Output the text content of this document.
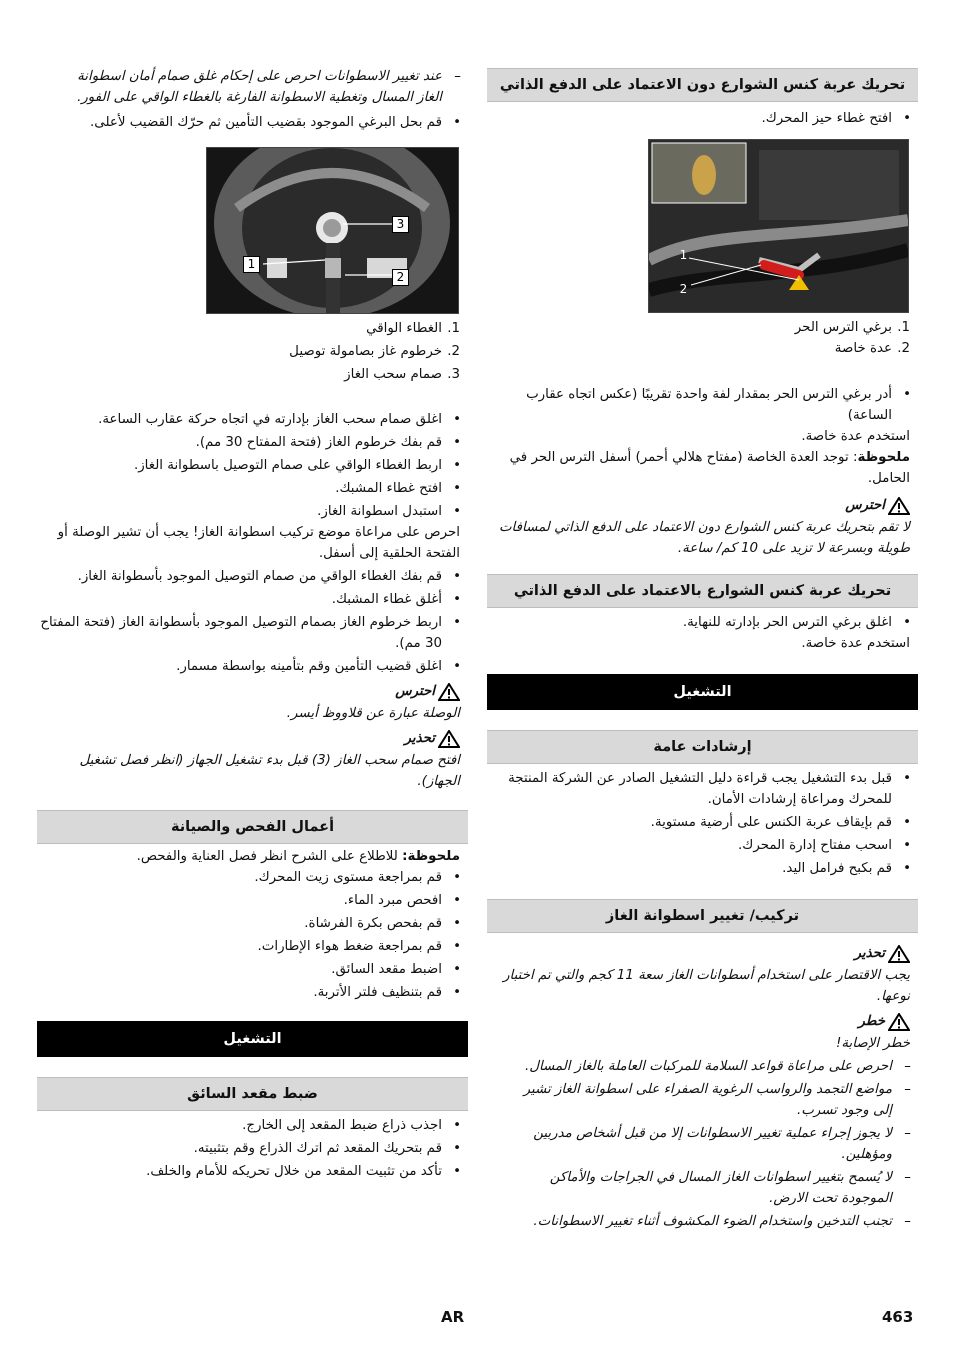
تحريك عربة كنس الشوارع دون الاعتماد على الدفع الذاتي
• افتح غطاء حيز المحرك.
1
2
1.
برغي الترس الحر
2.
عدة خاصة
• أدر برغي الترس الحر بمقدار لفة واحدة تقريبًا (عكس اتجاه عقارب الساعة)
استخدم عدة خاصة.
ملحوظة: توجد العدة الخاصة (مفتاح هلالي أحمر) أسفل الترس الحر في الحامل.
احترس
لا تقم بتحريك عربة كنس الشوارع دون الاعتماد على الدفع الذاتي لمسافات طويلة وبسرعة لا تزيد على 10 كم/ ساعة.
تحريك عربة كنس الشوارع بالاعتماد على الدفع الذاتي
• اغلق برغي الترس الحر بإدارته للنهاية.
استخدم عدة خاصة.
التشغيل
إرشادات عامة
• قبل بدء التشغيل يجب قراءة دليل التشغيل الصادر عن الشركة المنتجة للمحرك ومراعاة إرشادات الأمان.
• قم بإيقاف عربة الكنس على أرضية مستوية.
• اسحب مفتاح إدارة المحرك.
• قم بكبح فرامل اليد.
تركيب/ تغيير اسطوانة الغاز
تحذير
يجب الاقتصار على استخدام أسطوانات الغاز سعة 11 كجم والتي تم اختبار نوعها.
خطر
خطر الإصابة!
– احرص على مراعاة قواعد السلامة للمركبات العاملة بالغاز المسال.
– مواضع التجمد والرواسب الرغوية الصفراء على اسطوانة الغاز تشير إلى وجود تسرب.
– لا يجوز إجراء عملية تغيير الاسطوانات إلا من قبل أشخاص مدربين ومؤهلين.
– لا يُسمح بتغيير اسطوانات الغاز المسال في الجراجات والأماكن الموجودة تحت الارض.
– تجنب التدخين واستخدام الضوء المكشوف أثناء تغيير الاسطوانات.
– عند تغيير الاسطوانات احرص على إحكام غلق صمام أمان اسطوانة الغاز المسال وتغطية الاسطوانة الفارغة بالغطاء الواقي على الفور.
• قم بحل البرغي الموجود بقضيب التأمين ثم حرّك القضيب لأعلى.
1
2
3
1.
الغطاء الواقي
2.
خرطوم غاز بصامولة توصيل
3.
صمام سحب الغاز
• اغلق صمام سحب الغاز بإدارته في اتجاه حركة عقارب الساعة.
• قم بفك خرطوم الغاز (فتحة المفتاح 30 مم).
• اربط الغطاء الواقي على صمام التوصيل باسطوانة الغاز.
• افتح غطاء المشبك.
• استبدل اسطوانة الغاز.
احرص على مراعاة موضع تركيب اسطوانة الغاز! يجب أن تشير الوصلة أو الفتحة الحلقية إلى أسفل.
• قم بفك الغطاء الواقي من صمام التوصيل الموجود بأسطوانة الغاز.
• أغلق غطاء المشبك.
• اربط خرطوم الغاز بصمام التوصيل الموجود بأسطوانة الغاز (فتحة المفتاح 30 مم).
• اغلق قضيب التأمين وقم بتأمينه بواسطة مسمار.
احترس
الوصلة عبارة عن قلاووظ أيسر.
تحذير
افتح صمام سحب الغاز (3) قبل بدء تشغيل الجهاز (انظر فصل تشغيل الجهاز).
أعمال الفحص والصيانة
ملحوظة: للاطلاع على الشرح انظر فصل العناية والفحص.
• قم بمراجعة مستوى زيت المحرك.
• افحص مبرد الماء.
• قم بفحص بكرة الفرشاة.
• قم بمراجعة ضغط هواء الإطارات.
• اضبط مقعد السائق.
• قم بتنظيف فلتر الأتربة.
التشغيل
ضبط مقعد السائق
• اجذب ذراع ضبط المقعد إلى الخارج.
• قم بتحريك المقعد ثم اترك الذراع وقم بتثبيته.
• تأكد من تثبيت المقعد من خلال تحريكه للأمام والخلف.
AR	463
